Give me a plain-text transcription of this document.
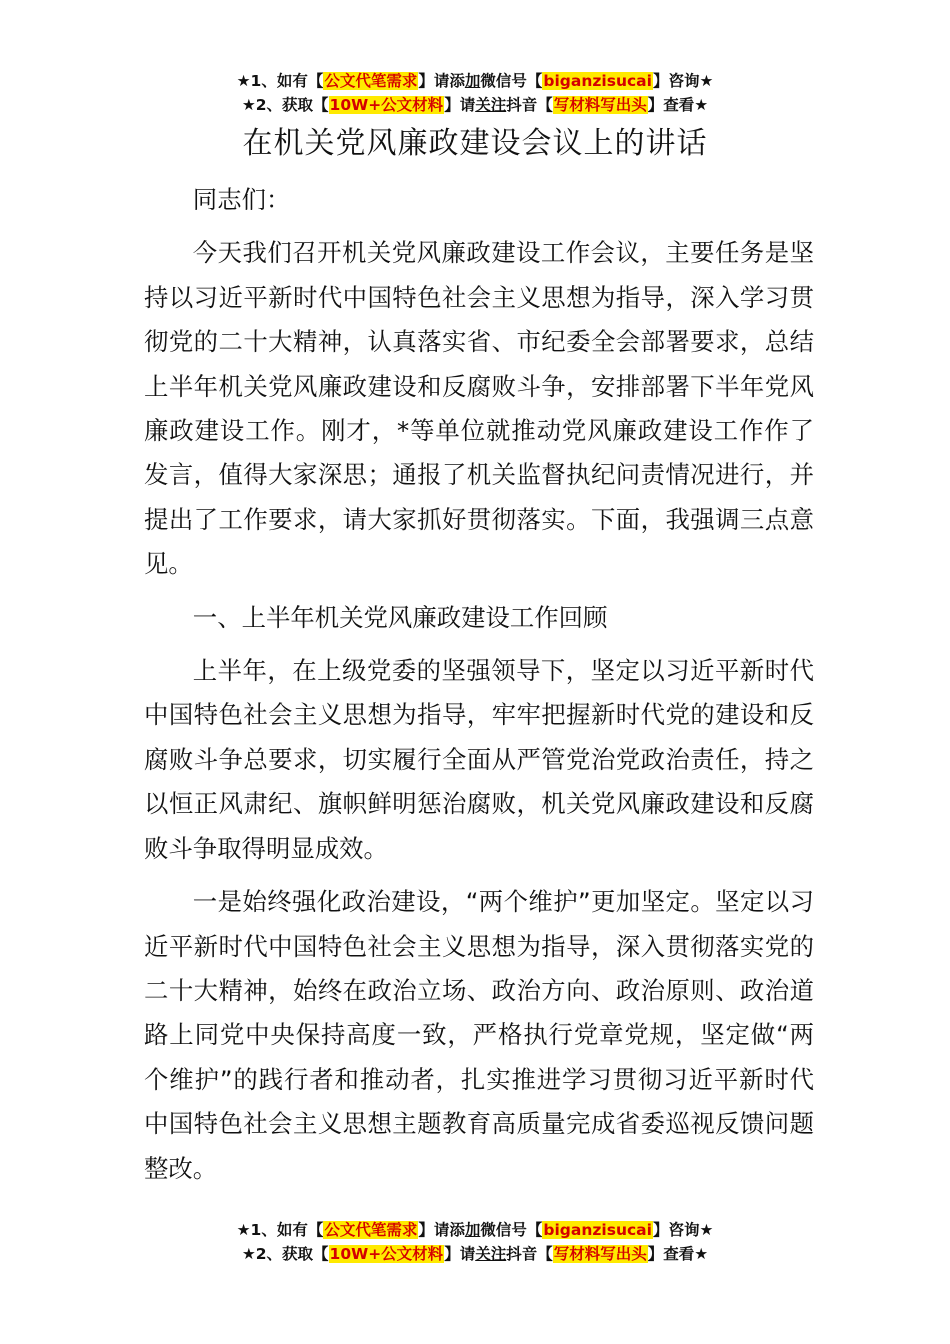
★1、如有【公文代笔需求】请添加微信号【biganzisucai】咨询★
★2、获取【10W+公文材料】请关注抖音【写材料写出头】查看★
在机关党风廉政建设会议上的讲话

同志们：

今天我们召开机关党风廉政建设工作会议，主要任务是坚持以习近平新时代中国特色社会主义思想为指导，深入学习贯彻党的二十大精神，认真落实省、市纪委全会部署要求，总结上半年机关党风廉政建设和反腐败斗争，安排部署下半年党风廉政建设工作。刚才，*等单位就推动党风廉政建设工作作了发言，值得大家深思；通报了机关监督执纪问责情况进行，并提出了工作要求，请大家抓好贯彻落实。下面，我强调三点意见。

一、上半年机关党风廉政建设工作回顾

上半年，在上级党委的坚强领导下，坚定以习近平新时代中国特色社会主义思想为指导，牢牢把握新时代党的建设和反腐败斗争总要求，切实履行全面从严管党治党政治责任，持之以恒正风肃纪、旗帜鲜明惩治腐败，机关党风廉政建设和反腐败斗争取得明显成效。

一是始终强化政治建设，“两个维护”更加坚定。坚定以习近平新时代中国特色社会主义思想为指导，深入贯彻落实党的二十大精神，始终在政治立场、政治方向、政治原则、政治道路上同党中央保持高度一致，严格执行党章党规，坚定做“两个维护”的践行者和推动者，扎实推进学习贯彻习近平新时代中国特色社会主义思想主题教育高质量完成省委巡视反馈问题整改。

★1、如有【公文代笔需求】请添加微信号【biganzisucai】咨询★
★2、获取【10W+公文材料】请关注抖音【写材料写出头】查看★
